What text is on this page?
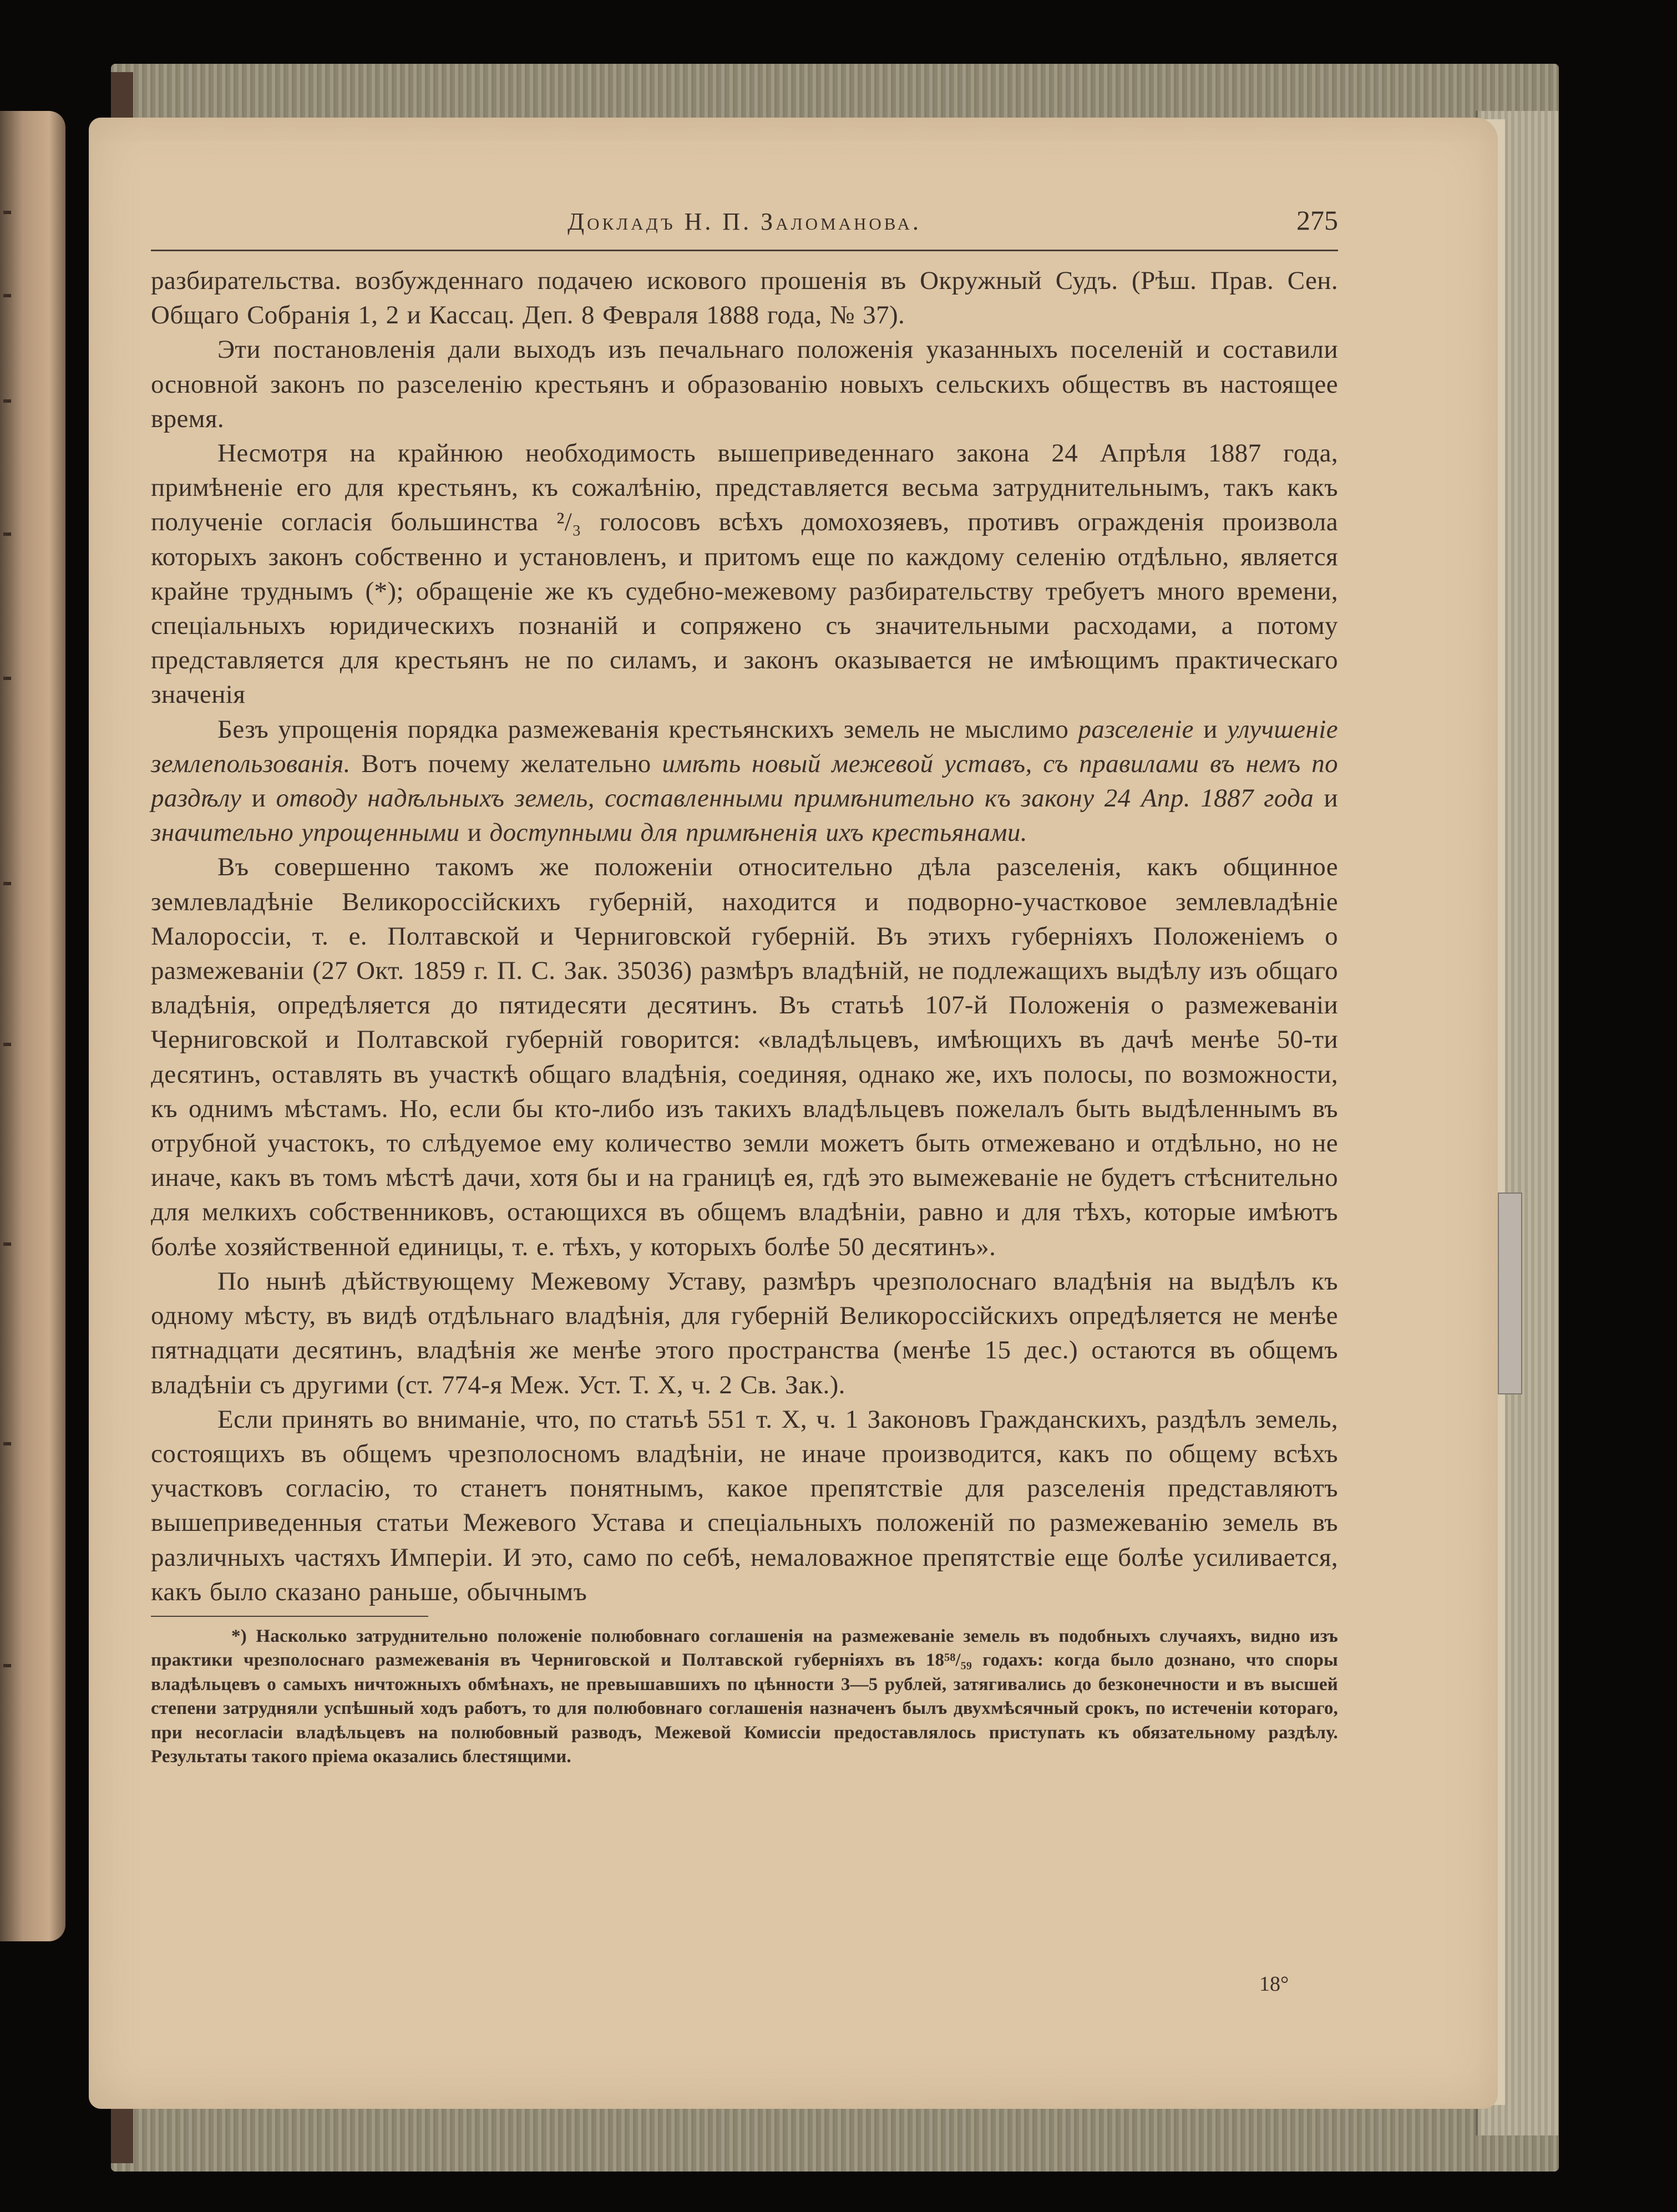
Докладъ Н. П. Заломанова.	275

разбирательства. возбужденнаго подачею искового прошенія въ Окружный Судъ. (Рѣш. Прав. Сен. Общаго Собранія 1, 2 и Кассац. Деп. 8 Февраля 1888 года, № 37).

Эти постановленія дали выходъ изъ печальнаго положенія указанныхъ поселеній и составили основной законъ по разселенію крестьянъ и образованію новыхъ сельскихъ обществъ въ настоящее время.

Несмотря на крайнюю необходимость вышеприведеннаго закона 24 Апрѣля 1887 года, примѣненіе его для крестьянъ, къ сожалѣнію, представляется весьма затруднительнымъ, такъ какъ полученіе согласія большинства ²/₃ голосовъ всѣхъ домохозяевъ, противъ огражденія произвола которыхъ законъ собственно и установленъ, и притомъ еще по каждому селенію отдѣльно, является крайне труднымъ (*); обращеніе же къ судебно-межевому разбирательству требуетъ много времени, спеціальныхъ юридическихъ познаній и сопряжено съ значительными расходами, а потому представляется для крестьянъ не по силамъ, и законъ оказывается не имѣющимъ практическаго значенія

Безъ упрощенія порядка размежеванія крестьянскихъ земель не мыслимо разселеніе и улучшеніе землепользованія. Вотъ почему желательно имѣть новый межевой уставъ, съ правилами въ немъ по раздѣлу и отводу надѣльныхъ земель, составленными примѣнительно къ закону 24 Апр. 1887 года и значительно упрощенными и доступными для примѣненія ихъ крестьянами.

Въ совершенно такомъ же положеніи относительно дѣла разселенія, какъ общинное землевладѣніе Великороссійскихъ губерній, находится и подворно-участковое землевладѣніе Малороссіи, т. е. Полтавской и Черниговской губерній. Въ этихъ губерніяхъ Положеніемъ о размежеваніи (27 Окт. 1859 г. П. С. Зак. 35036) размѣръ владѣній, не подлежащихъ выдѣлу изъ общаго владѣнія, опредѣляется до пятидесяти десятинъ. Въ статьѣ 107-й Положенія о размежеваніи Черниговской и Полтавской губерній говорится: «владѣльцевъ, имѣющихъ въ дачѣ менѣе 50-ти десятинъ, оставлять въ участкѣ общаго владѣнія, соединяя, однако же, ихъ полосы, по возможности, къ однимъ мѣстамъ. Но, если бы кто-либо изъ такихъ владѣльцевъ пожелалъ быть выдѣленнымъ въ отрубной участокъ, то слѣдуемое ему количество земли можетъ быть отмежевано и отдѣльно, но не иначе, какъ въ томъ мѣстѣ дачи, хотя бы и на границѣ ея, гдѣ это вымежеваніе не будетъ стѣснительно для мелкихъ собственниковъ, остающихся въ общемъ владѣніи, равно и для тѣхъ, которые имѣютъ болѣе хозяйственной единицы, т. е. тѣхъ, у которыхъ болѣе 50 десятинъ».

По нынѣ дѣйствующему Межевому Уставу, размѣръ чрезполоснаго владѣнія на выдѣлъ къ одному мѣсту, въ видѣ отдѣльнаго владѣнія, для губерній Великороссійскихъ опредѣляется не менѣе пятнадцати десятинъ, владѣнія же менѣе этого пространства (менѣе 15 дес.) остаются въ общемъ владѣніи съ другими (ст. 774-я Меж. Уст. Т. X, ч. 2 Св. Зак.).

Если принять во вниманіе, что, по статьѣ 551 т. X, ч. 1 Законовъ Гражданскихъ, раздѣлъ земель, состоящихъ въ общемъ чрезполосномъ владѣніи, не иначе производится, какъ по общему всѣхъ участковъ согласію, то станетъ понятнымъ, какое препятствіе для разселенія представляютъ вышеприведенныя статьи Межевого Устава и спеціальныхъ положеній по размежеванію земель въ различныхъ частяхъ Имперіи. И это, само по себѣ, немаловажное препятствіе еще болѣе усиливается, какъ было сказано раньше, обычнымъ

*) Насколько затруднительно положеніе полюбовнаго соглашенія на размежеваніе земель въ подобныхъ случаяхъ, видно изъ практики чрезполоснаго размежеванія въ Черниговской и Полтавской губерніяхъ въ 18⁵⁸/₅₉ годахъ: когда было дознано, что споры владѣльцевъ о самыхъ ничтожныхъ обмѣнахъ, не превышавшихъ по цѣнности 3—5 рублей, затягивались до безконечности и въ высшей степени затрудняли успѣшный ходъ работъ, то для полюбовнаго соглашенія назначенъ былъ двухмѣсячный срокъ, по истеченіи котораго, при несогласіи владѣльцевъ на полюбовный разводъ, Межевой Комиссіи предоставлялось приступать къ обязательному раздѣлу. Результаты такого пріема оказались блестящими.

18°
